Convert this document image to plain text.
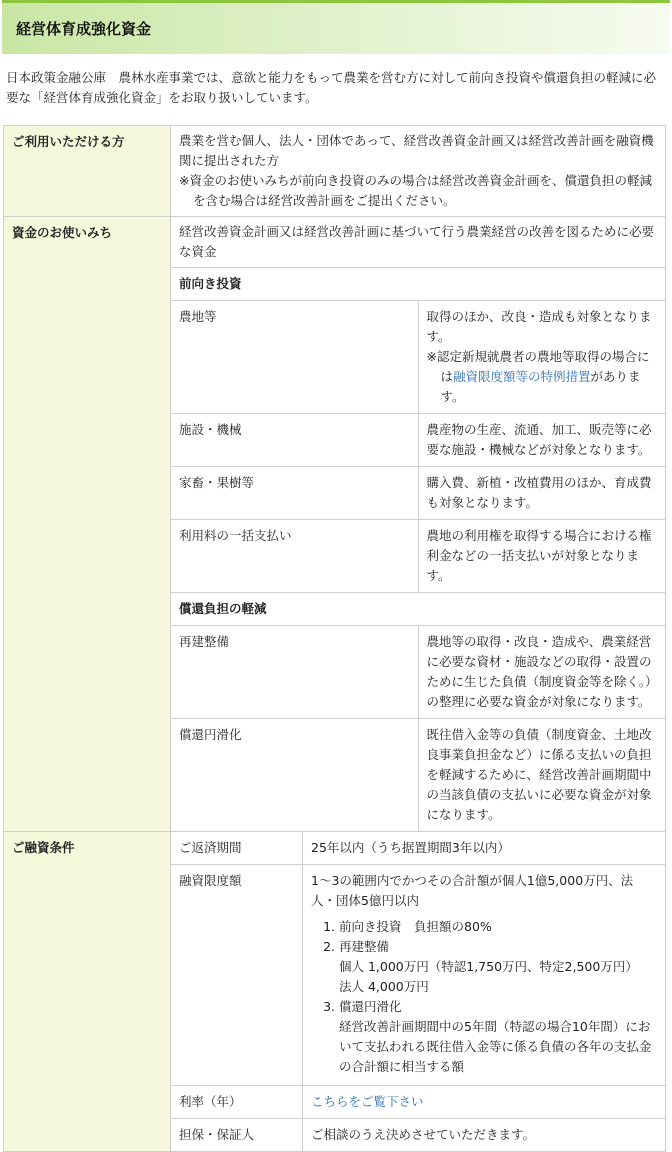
経営体育成強化資金
日本政策金融公庫　農林水産事業では、意欲と能力をもって農業を営む方に対して前向き投資や償還負担の軽減に必要な「経営体育成強化資金」をお取り扱いしています。
ご利用いただける方	農業を営む個人、法人・団体であって、経営改善資金計画又は経営改善計画を融資機関に提出された方
※資金のお使いみちが前向き投資のみの場合は経営改善資金計画を、償還負担の軽減を含む場合は経営改善計画をご提出ください。

資金のお使いみち	経営改善資金計画又は経営改善計画に基づいて行う農業経営の改善を図るために必要な資金
前向き投資
農地等	取得のほか、改良・造成も対象となります。
※認定新規就農者の農地等取得の場合には融資限度額等の特例措置があります。

施設・機械	農産物の生産、流通、加工、販売等に必要な施設・機械などが対象となります。
家畜・果樹等	購入費、新植・改植費用のほか、育成費も対象となります。
利用料の一括支払い	農地の利用権を取得する場合における権利金などの一括支払いが対象となります。
償還負担の軽減
再建整備	農地等の取得・改良・造成や、農業経営に必要な資材・施設などの取得・設置のために生じた負債（制度資金等を除く。）の整理に必要な資金が対象になります。
償還円滑化	既往借入金等の負債（制度資金、土地改良事業負担金など）に係る支払いの負担を軽減するために、経営改善計画期間中の当該負債の支払いに必要な資金が対象になります。

ご融資条件		ご返済期間	25年以内（うち据置期間3年以内）
融資限度額	1～3の範囲内でかつその合計額が個人1億5,000万円、法人・団体5億円以内
1. 前向き投資　負担額の80%
2. 再建整備
個人 1,000万円（特認1,750万円、特定2,500万円）
法人 4,000万円
3. 償還円滑化
経営改善計画期間中の5年間（特認の場合10年間）において支払われる既往借入金等に係る負債の各年の支払金の合計額に相当する額

利率（年）	こちらをご覧下さい
担保・保証人	ご相談のうえ決めさせていただきます。
